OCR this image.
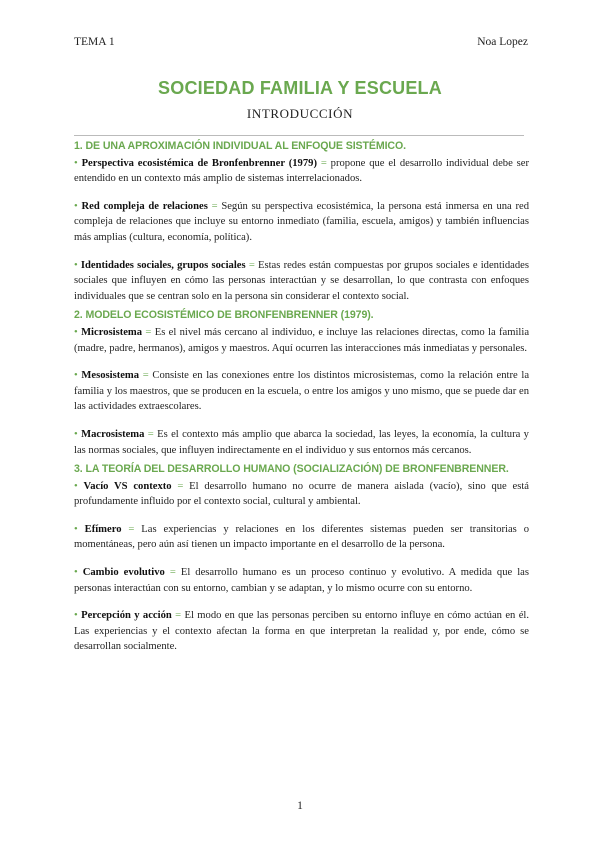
TEMA 1	Noa Lopez
SOCIEDAD FAMILIA Y ESCUELA
INTRODUCCIÓN
1. DE UNA APROXIMACIÓN INDIVIDUAL AL ENFOQUE SISTÉMICO.

• Perspectiva ecosistémica de Bronfenbrenner (1979) = propone que el desarrollo individual debe ser entendido en un contexto más amplio de sistemas interrelacionados.

• Red compleja de relaciones = Según su perspectiva ecosistémica, la persona está inmersa en una red compleja de relaciones que incluye su entorno inmediato (familia, escuela, amigos) y también influencias más amplias (cultura, economía, política).

• Identidades sociales, grupos sociales = Estas redes están compuestas por grupos sociales e identidades sociales que influyen en cómo las personas interactúan y se desarrollan, lo que contrasta con enfoques individuales que se centran solo en la persona sin considerar el contexto social.

2. MODELO ECOSISTÉMICO DE BRONFENBRENNER (1979).

• Microsistema = Es el nivel más cercano al individuo, e incluye las relaciones directas, como la familia (madre, padre, hermanos), amigos y maestros. Aquí ocurren las interacciones más inmediatas y personales.

• Mesosistema = Consiste en las conexiones entre los distintos microsistemas, como la relación entre la familia y los maestros, que se producen en la escuela, o entre los amigos y uno mismo, que se puede dar en las actividades extraescolares.

• Macrosistema = Es el contexto más amplio que abarca la sociedad, las leyes, la economía, la cultura y las normas sociales, que influyen indirectamente en el individuo y sus entornos más cercanos.

3. LA TEORÍA DEL DESARROLLO HUMANO (SOCIALIZACIÓN) DE BRONFENBRENNER.

• Vacío VS contexto = El desarrollo humano no ocurre de manera aislada (vacío), sino que está profundamente influido por el contexto social, cultural y ambiental.

• Efímero = Las experiencias y relaciones en los diferentes sistemas pueden ser transitorias o momentáneas, pero aún así tienen un impacto importante en el desarrollo de la persona.

• Cambio evolutivo = El desarrollo humano es un proceso continuo y evolutivo. A medida que las personas interactúan con su entorno, cambian y se adaptan, y lo mismo ocurre con su entorno.

• Percepción y acción = El modo en que las personas perciben su entorno influye en cómo actúan en él. Las experiencias y el contexto afectan la forma en que interpretan la realidad y, por ende, cómo se desarrollan socialmente.

1
